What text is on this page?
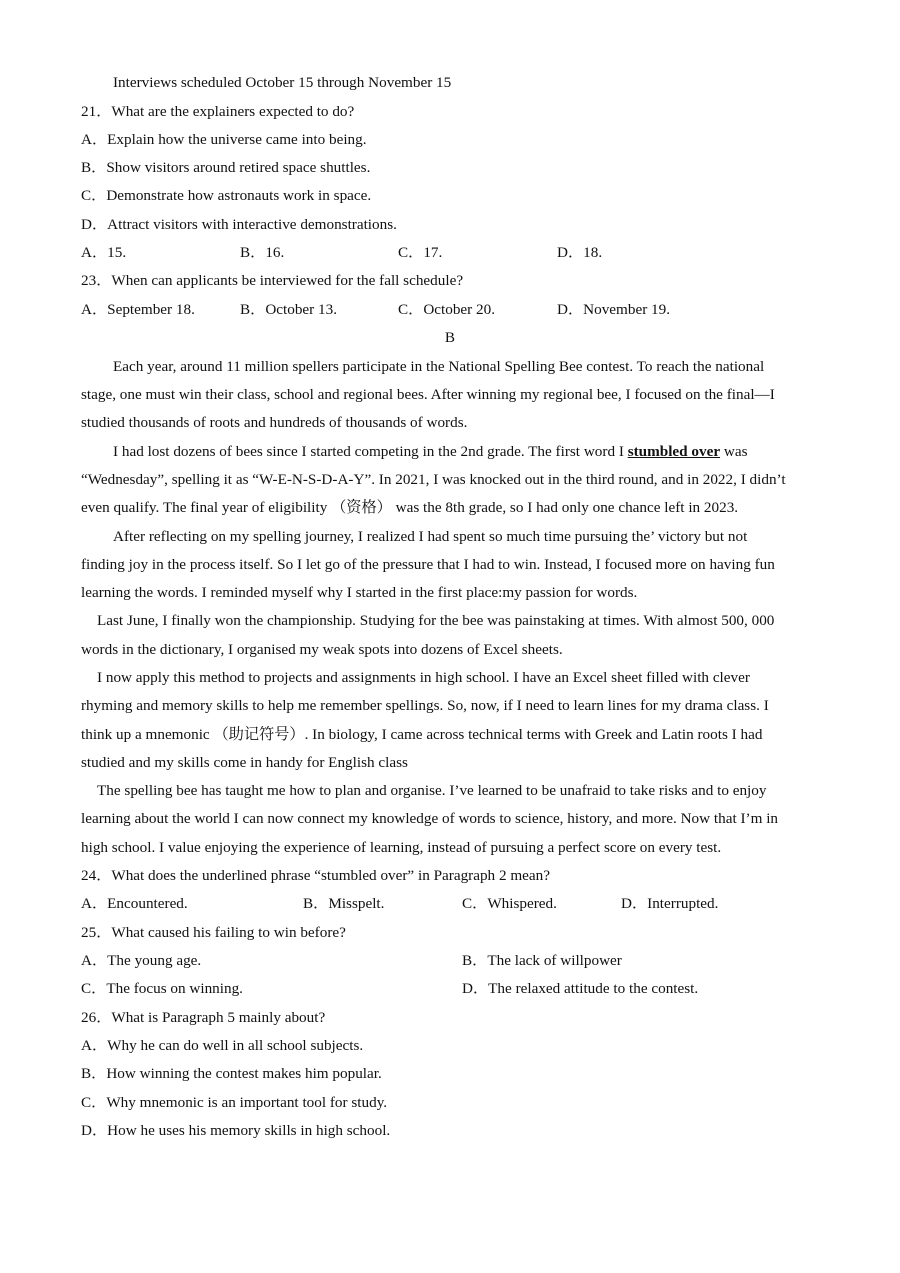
Interviews scheduled October 15 through November 15
21．What are the explainers expected to do?
A．Explain how the universe came into being.
B．Show visitors around retired space shuttles.
C．Demonstrate how astronauts work in space.
D．Attract visitors with interactive demonstrations.
A．15.	B．16.	C．17.	D．18.
23．When can applicants be interviewed for the fall schedule?
A．September 18.	B．October 13.	C．October 20.	D．November 19.
B
Each year, around 11 million spellers participate in the National Spelling Bee contest. To reach the national
stage, one must win their class, school and regional bees. After winning my regional bee, I focused on the final—I
studied thousands of roots and hundreds of thousands of words.
I had lost dozens of bees since I started competing in the 2nd grade. The first word I stumbled over was
“Wednesday”, spelling it as “W-E-N-S-D-A-Y”. In 2021, I was knocked out in the third round, and in 2022, I didn’t
even qualify. The final year of eligibility （资格） was the 8th grade, so I had only one chance left in 2023.
After reflecting on my spelling journey, I realized I had spent so much time pursuing the’ victory but not
finding joy in the process itself. So I let go of the pressure that I had to win. Instead, I focused more on having fun
learning the words. I reminded myself why I started in the first place:my passion for words.
Last June, I finally won the championship. Studying for the bee was painstaking at times. With almost 500, 000
words in the dictionary, I organised my weak spots into dozens of Excel sheets.
I now apply this method to projects and assignments in high school. I have an Excel sheet filled with clever
rhyming and memory skills to help me remember spellings. So, now, if I need to learn lines for my drama class. I
think up a mnemonic （助记符号）. In biology, I came across technical terms with Greek and Latin roots I had
studied and my skills come in handy for English class
The spelling bee has taught me how to plan and organise. I’ve learned to be unafraid to take risks and to enjoy
learning about the world I can now connect my knowledge of words to science, history, and more. Now that I’m in
high school. I value enjoying the experience of learning, instead of pursuing a perfect score on every test.
24．What does the underlined phrase “stumbled over” in Paragraph 2 mean?
A．Encountered.	B．Misspelt.	C．Whispered.	D．Interrupted.
25．What caused his failing to win before?
A．The young age.	B．The lack of willpower
C．The focus on winning.	D．The relaxed attitude to the contest.
26．What is Paragraph 5 mainly about?
A．Why he can do well in all school subjects.
B．How winning the contest makes him popular.
C．Why mnemonic is an important tool for study.
D．How he uses his memory skills in high school.
